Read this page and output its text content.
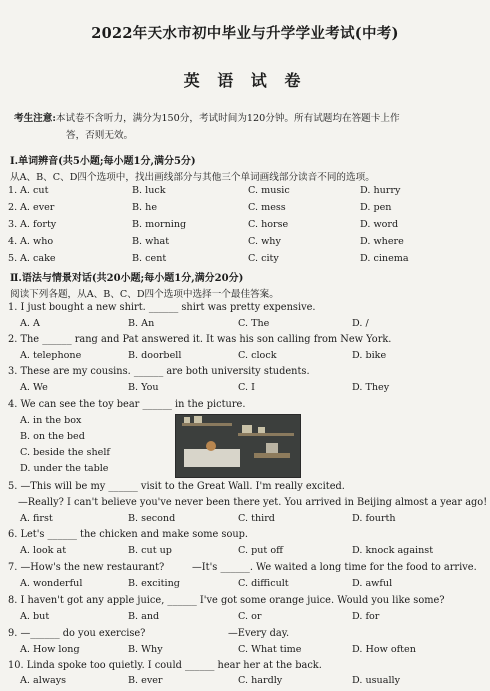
2022年天水市初中毕业与升学学业考试(中考)
英 语 试 卷
考生注意:本试卷不含听力，满分为150分，考试时间为120分钟。所有试题均在答题卡上作
答，否则无效。
Ⅰ.单词辨音(共5小题;每小题1分,满分5分)
从A、B、C、D四个选项中，找出画线部分与其他三个单词画线部分读音不同的选项。
1. A. cut	B. luck	C. music	D. hurry
2. A. ever	B. he	C. mess	D. pen
3. A. forty	B. morning	C. horse	D. word
4. A. who	B. what	C. why	D. where
5. A. cake	B. cent	C. city	D. cinema
Ⅱ.语法与情景对话(共20小题;每小题1分,满分20分)
阅读下列各题，从A、B、C、D四个选项中选择一个最佳答案。
1. I just bought a new shirt. ______ shirt was pretty expensive.
A. A	B. An	C. The	D. /
2. The ______ rang and Pat answered it. It was his son calling from New York.
A. telephone	B. doorbell	C. clock	D. bike
3. These are my cousins. ______ are both university students.
A. We	B. You	C. I	D. They
4. We can see the toy bear ______ in the picture.
A. in the box
B. on the bed
C. beside the shelf
D. under the table
5. —This will be my ______ visit to the Great Wall. I'm really excited.
—Really? I can't believe you've never been there yet. You arrived in Beijing almost a year ago!
A. first	B. second	C. third	D. fourth
6. Let's ______ the chicken and make some soup.
A. look at	B. cut up	C. put off	D. knock against
7. —How's the new restaurant?	—It's ______. We waited a long time for the food to arrive.
A. wonderful	B. exciting	C. difficult	D. awful
8. I haven't got any apple juice, ______ I've got some orange juice. Would you like some?
A. but	B. and	C. or	D. for
9. —______ do you exercise?	—Every day.
A. How long	B. Why	C. What time	D. How often
10. Linda spoke too quietly. I could ______ hear her at the back.
A. always	B. ever	C. hardly	D. usually
